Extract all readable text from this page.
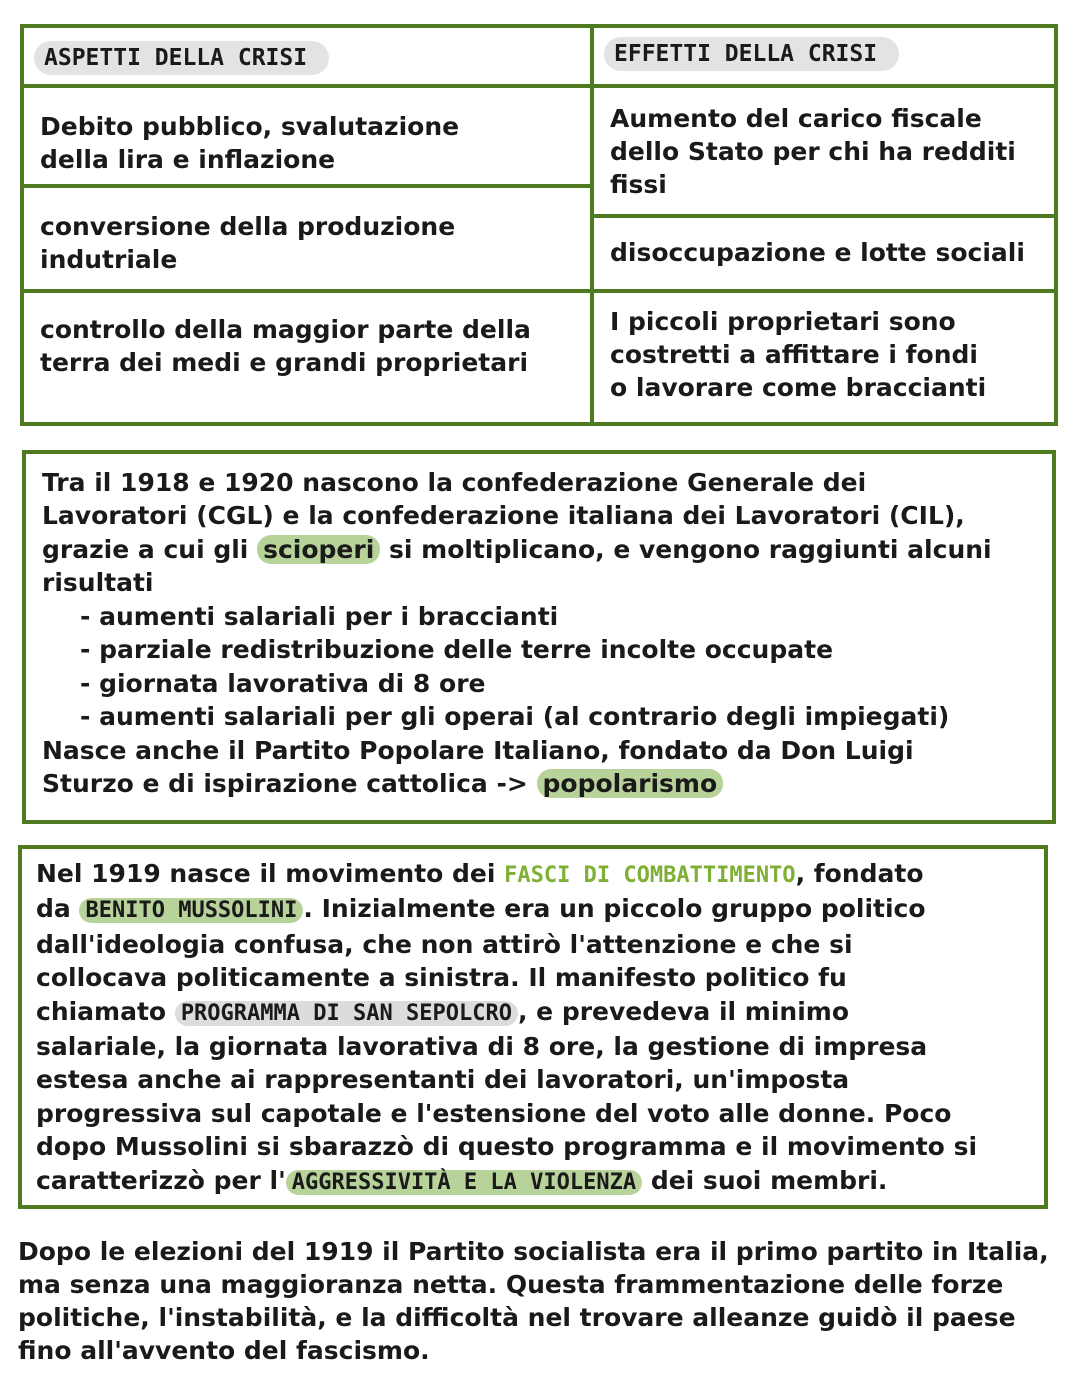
ASPETTI DELLA CRISI
Debito pubblico, svalutazione
della lira e inflazione
conversione della produzione
indutriale
controllo della maggior parte della
terra dei medi e grandi proprietari
EFFETTI DELLA CRISI
Aumento del carico fiscale
dello Stato per chi ha redditi
fissi
disoccupazione e lotte sociali
I piccoli proprietari sono
costretti a affittare i fondi
o lavorare come braccianti
Tra il 1918 e 1920 nascono la confederazione Generale dei
Lavoratori (CGL) e la confederazione italiana dei Lavoratori (CIL),
grazie a cui gli scioperi si moltiplicano, e vengono raggiunti alcuni
risultati
- aumenti salariali per i braccianti
- parziale redistribuzione delle terre incolte occupate
- giornata lavorativa di 8 ore
- aumenti salariali per gli operai (al contrario degli impiegati)
Nasce anche il Partito Popolare Italiano, fondato da Don Luigi
Sturzo e di ispirazione cattolica -> popolarismo
Nel 1919 nasce il movimento dei FASCI DI COMBATTIMENTO, fondato
da BENITO MUSSOLINI . Inizialmente era un piccolo gruppo politico
dall'ideologia confusa, che non attirò l'attenzione e che si
collocava politicamente a sinistra. Il manifesto politico fu
chiamato PROGRAMMA DI SAN SEPOLCRO , e prevedeva il minimo
salariale, la giornata lavorativa di 8 ore, la gestione di impresa
estesa anche ai rappresentanti dei lavoratori, un'imposta
progressiva sul capotale e l'estensione del voto alle donne. Poco
dopo Mussolini si sbarazzò di questo programma e il movimento si
caratterizzò per l' AGGRESSIVITÀ E LA VIOLENZA dei suoi membri.
Dopo le elezioni del 1919 il Partito socialista era il primo partito in Italia, ma senza una maggioranza netta. Questa frammentazione delle forze politiche, l'instabilità, e la difficoltà nel trovare alleanze guidò il paese fino all'avvento del fascismo.
